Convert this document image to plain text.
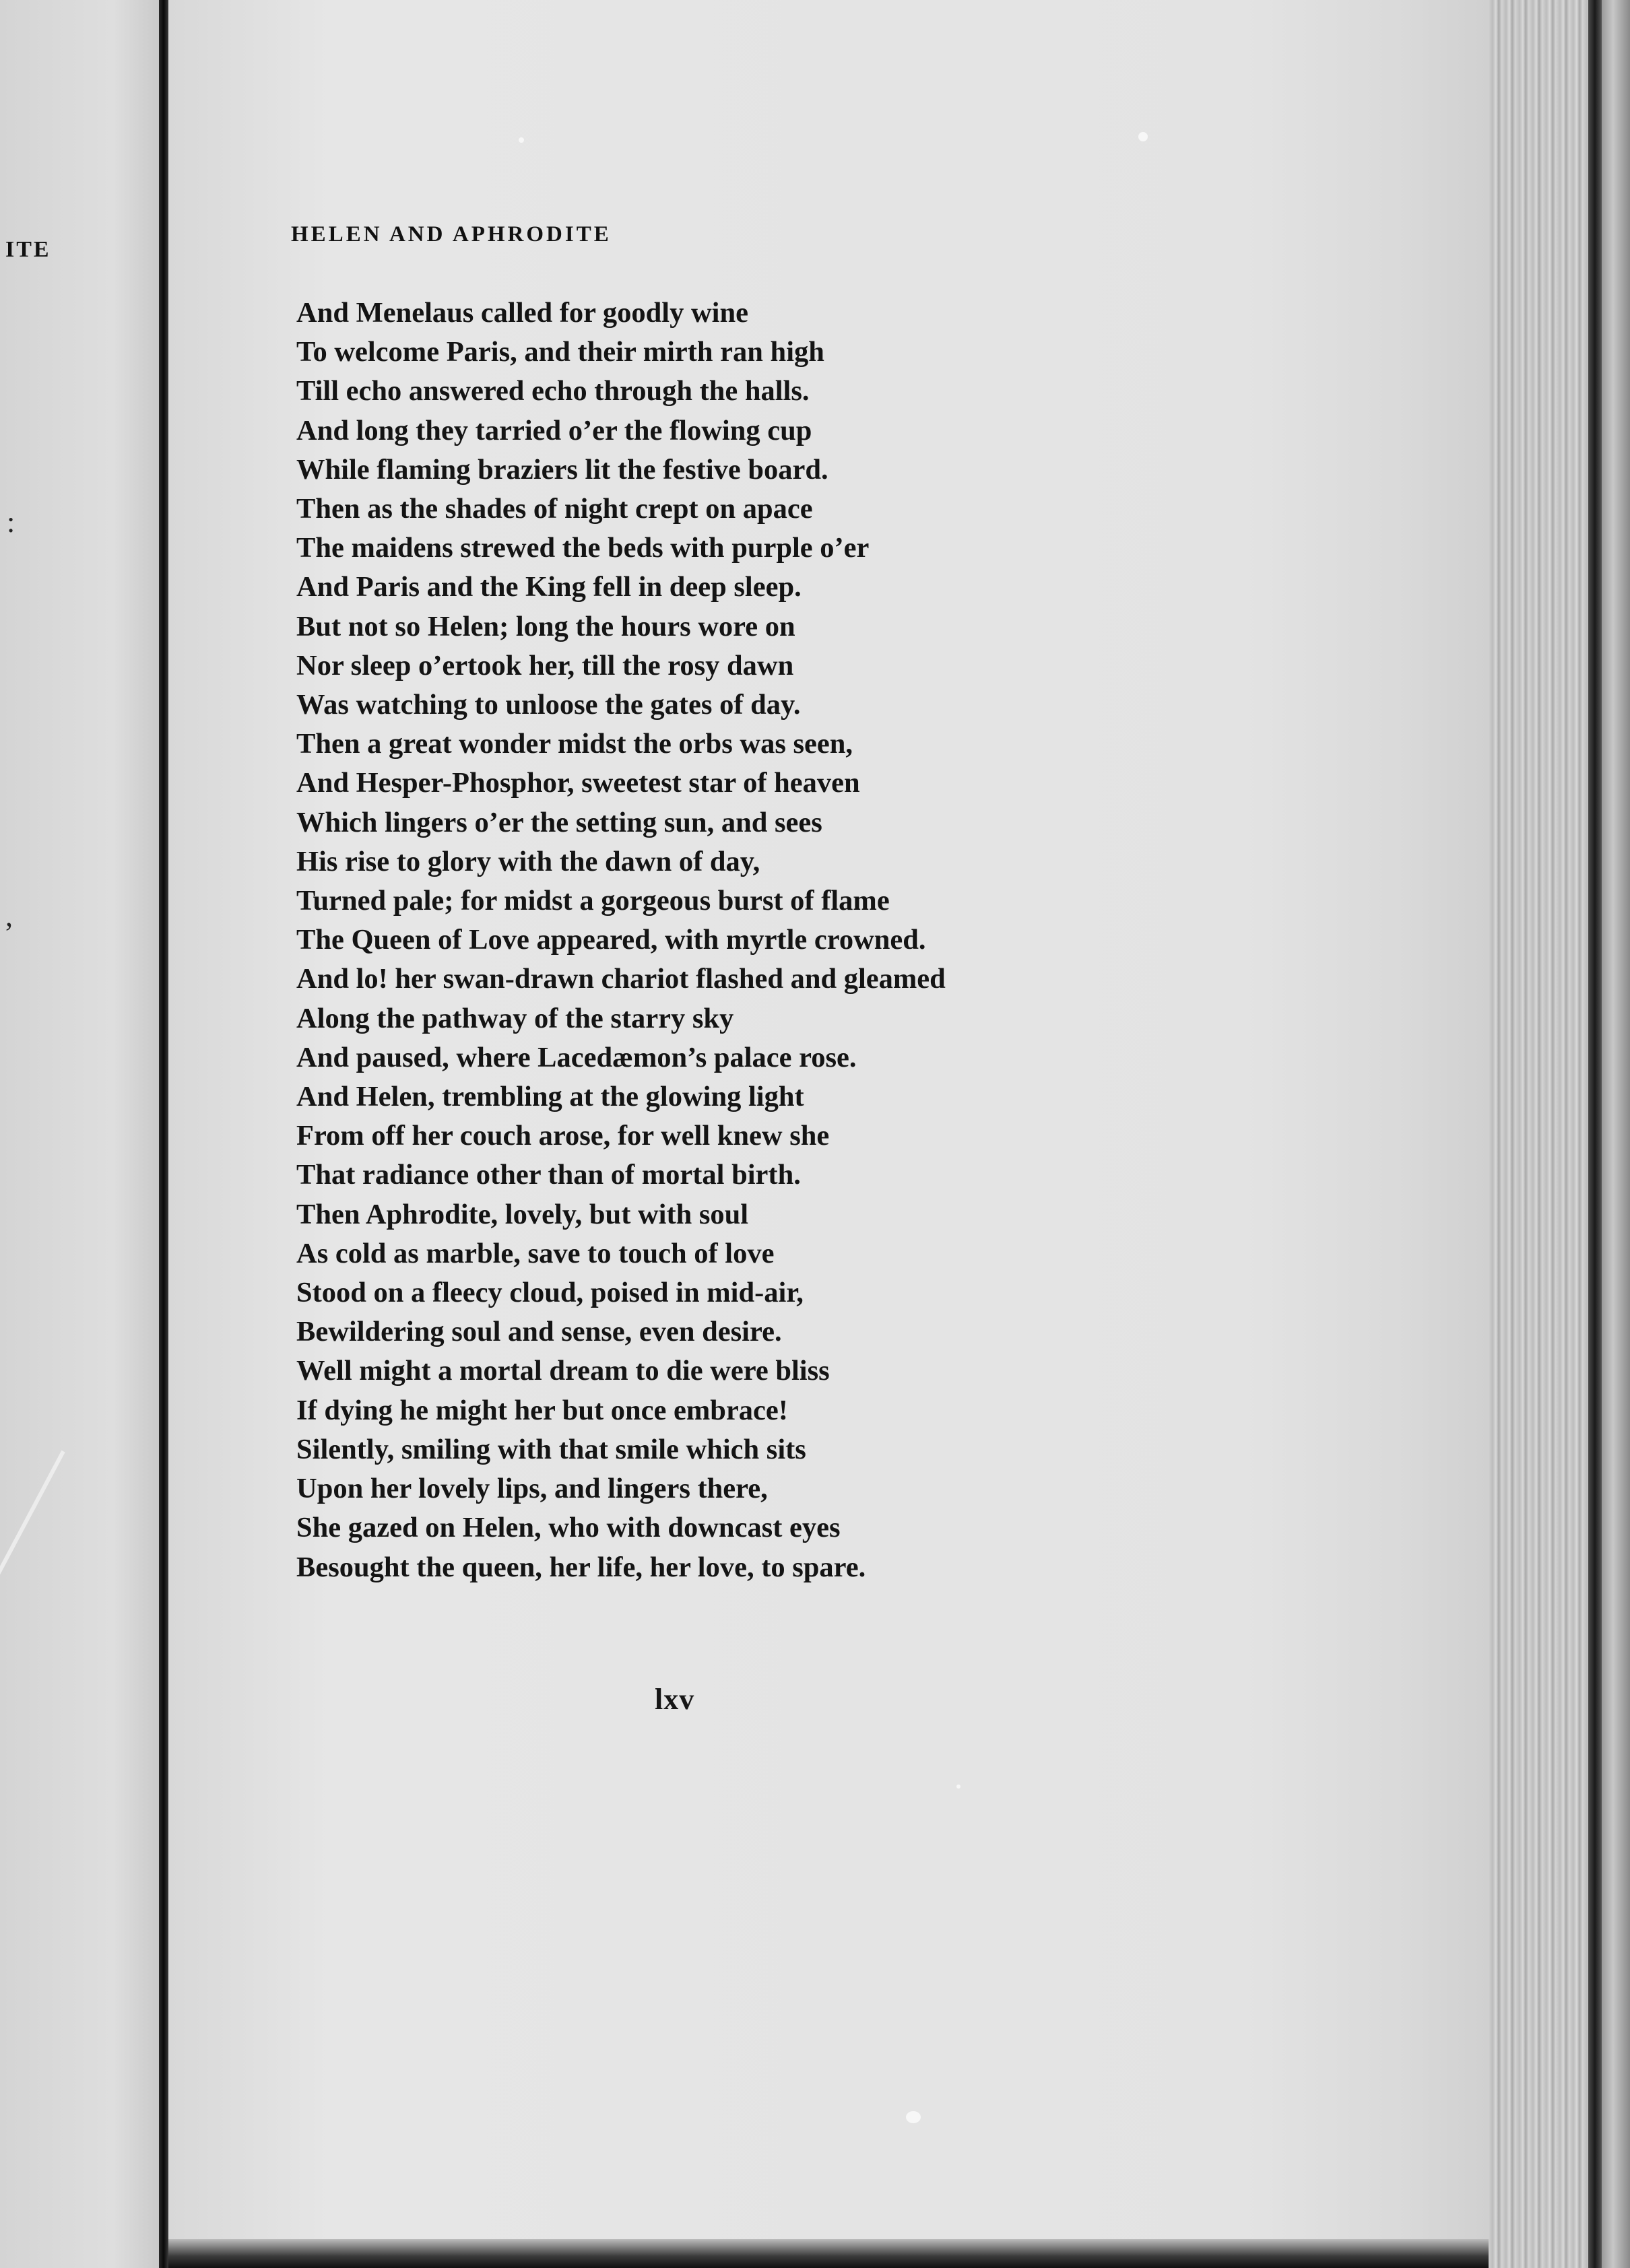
ITE
:
,
HELEN AND APHRODITE
And Menelaus called for goodly wine
To welcome Paris, and their mirth ran high
Till echo answered echo through the halls.
And long they tarried o’er the flowing cup
While flaming braziers lit the festive board.
Then as the shades of night crept on apace
The maidens strewed the beds with purple o’er
And Paris and the King fell in deep sleep.
But not so Helen; long the hours wore on
Nor sleep o’ertook her, till the rosy dawn
Was watching to unloose the gates of day.
Then a great wonder midst the orbs was seen,
And Hesper-Phosphor, sweetest star of heaven
Which lingers o’er the setting sun, and sees
His rise to glory with the dawn of day,
Turned pale; for midst a gorgeous burst of flame
The Queen of Love appeared, with myrtle crowned.
And lo! her swan-drawn chariot flashed and gleamed
Along the pathway of the starry sky
And paused, where Lacedæmon’s palace rose.
And Helen, trembling at the glowing light
From off her couch arose, for well knew she
That radiance other than of mortal birth.
Then Aphrodite, lovely, but with soul
As cold as marble, save to touch of love
Stood on a fleecy cloud, poised in mid-air,
Bewildering soul and sense, even desire.
Well might a mortal dream to die were bliss
If dying he might her but once embrace!
Silently, smiling with that smile which sits
Upon her lovely lips, and lingers there,
She gazed on Helen, who with downcast eyes
Besought the queen, her life, her love, to spare.
lxv
